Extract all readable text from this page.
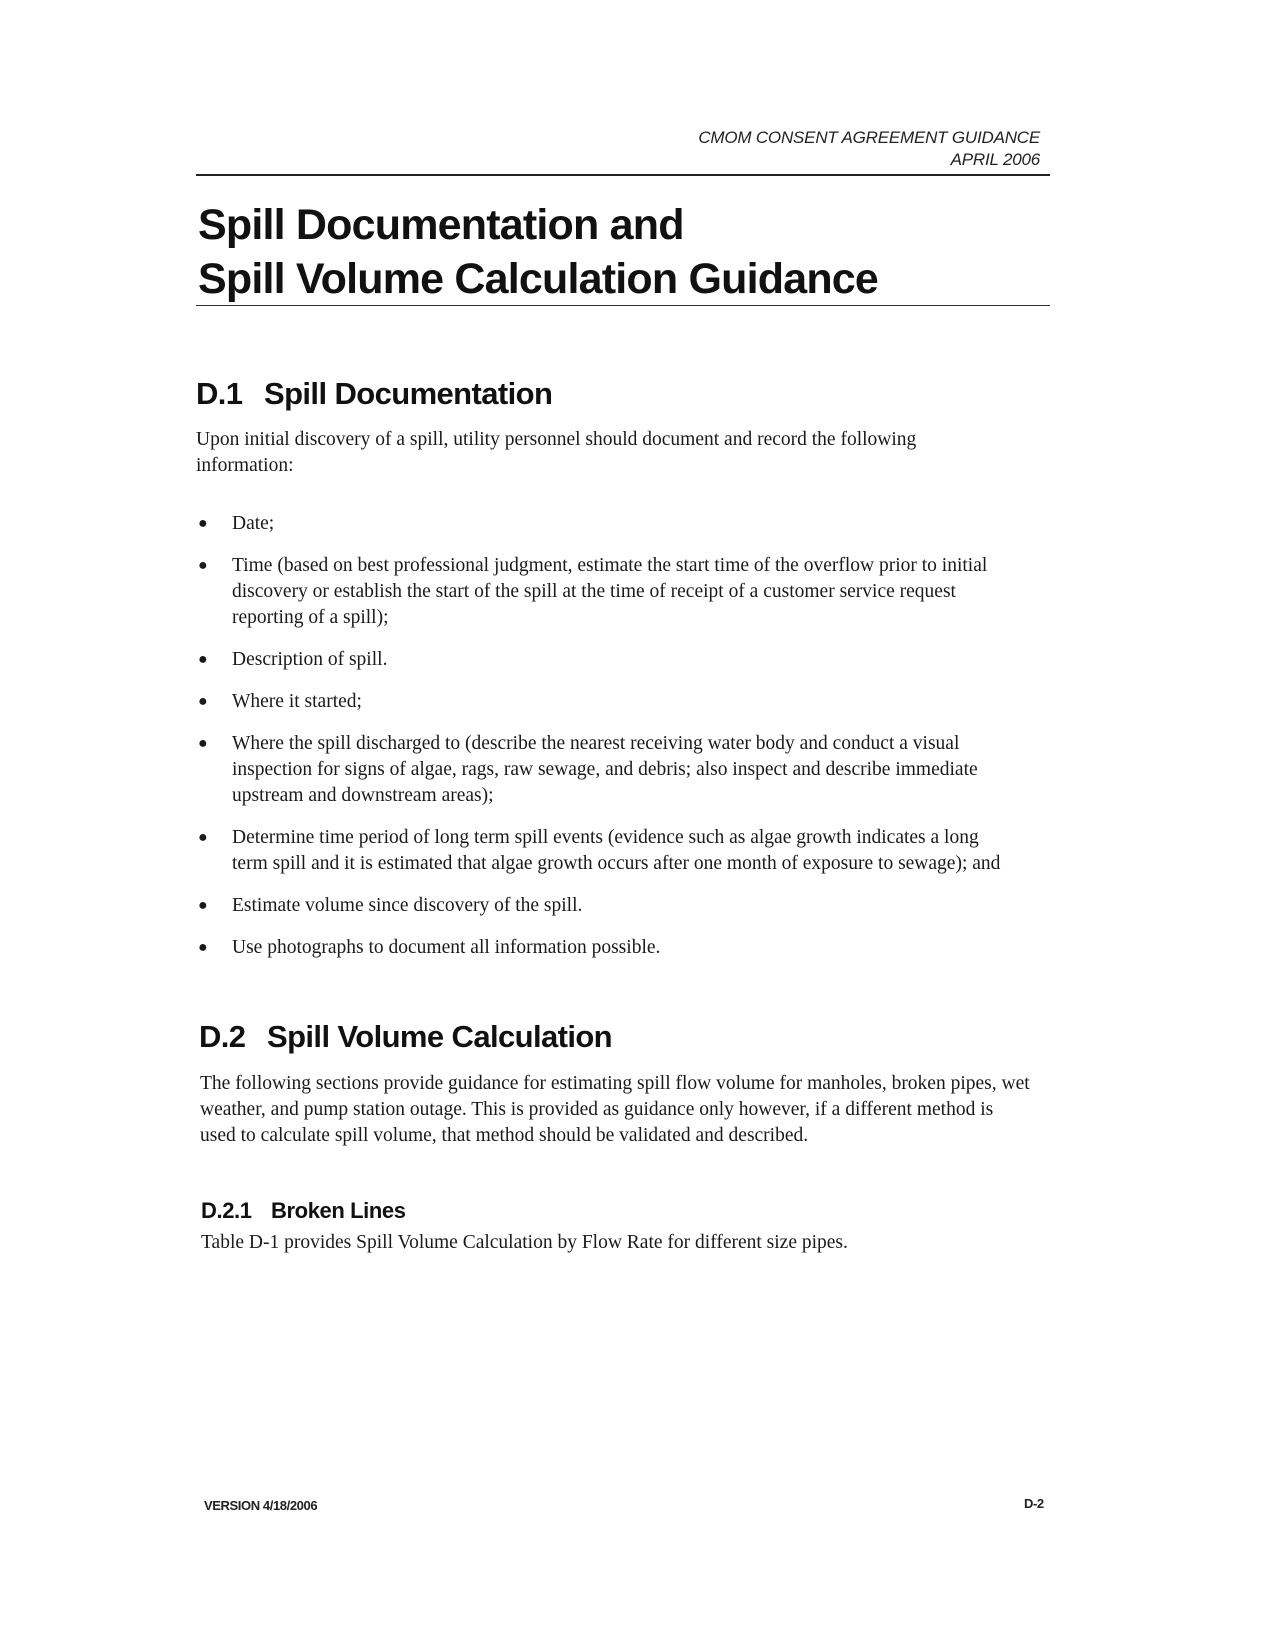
CMOM CONSENT AGREEMENT GUIDANCE
APRIL 2006
Spill Documentation and
Spill Volume Calculation Guidance
D.1 Spill Documentation

Upon initial discovery of a spill, utility personnel should document and record the following information:

● Date;
● Time (based on best professional judgment, estimate the start time of the overflow prior to initial discovery or establish the start of the spill at the time of receipt of a customer service request reporting of a spill);
● Description of spill.
● Where it started;
● Where the spill discharged to (describe the nearest receiving water body and conduct a visual inspection for signs of algae, rags, raw sewage, and debris; also inspect and describe immediate upstream and downstream areas);
● Determine time period of long term spill events (evidence such as algae growth indicates a long term spill and it is estimated that algae growth occurs after one month of exposure to sewage); and
● Estimate volume since discovery of the spill.
● Use photographs to document all information possible.
D.2 Spill Volume Calculation

The following sections provide guidance for estimating spill flow volume for manholes, broken pipes, wet weather, and pump station outage. This is provided as guidance only however, if a different method is used to calculate spill volume, that method should be validated and described.

D.2.1 Broken Lines

Table D-1 provides Spill Volume Calculation by Flow Rate for different size pipes.

VERSION 4/18/2006	D-2
